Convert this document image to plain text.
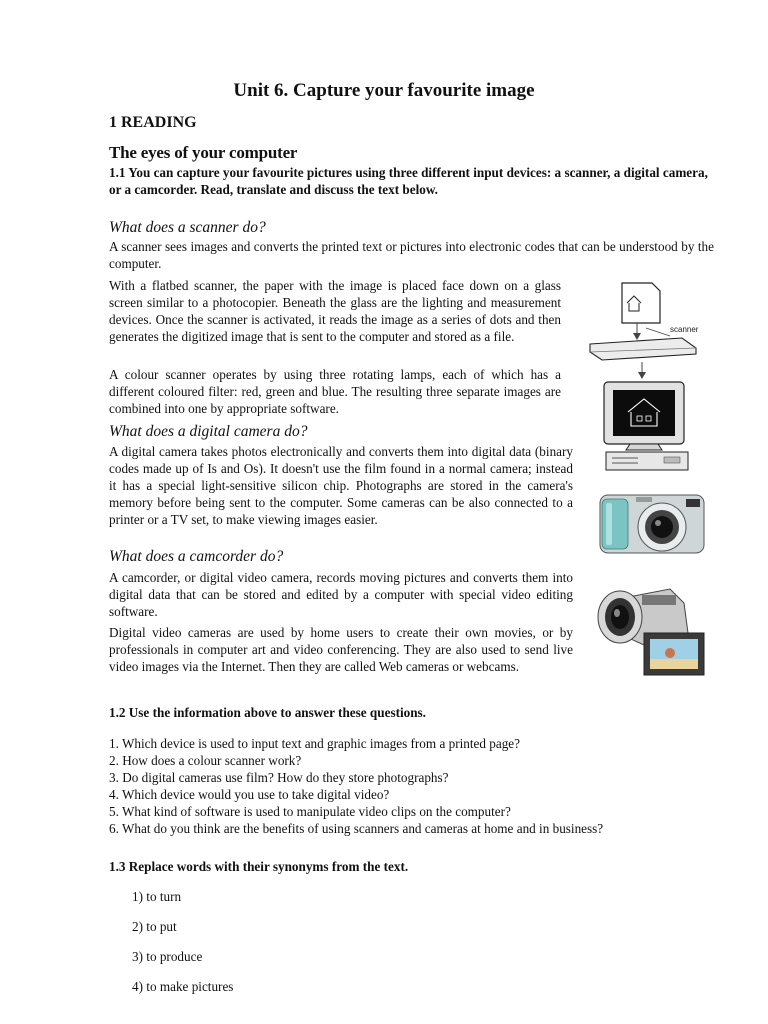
Unit 6. Capture your favourite image
1 READING
The eyes of your computer
1.1 You can capture your favourite pictures using three different input devices: a scanner, a digital camera, or a camcorder. Read, translate and discuss the text below.
What does a scanner do?
A scanner sees images and converts the printed text or pictures into electronic codes that can be understood by the computer.
With a flatbed scanner, the paper with the image is placed face down on a glass screen similar to a photocopier. Beneath the glass are the lighting and measurement devices. Once the scanner is activated, it reads the image as a series of dots and then generates the digitized image that is sent to the computer and stored as a file.
A colour scanner operates by using three rotating lamps, each of which has a different coloured filter: red, green and blue. The resulting three separate images are combined into one by appropriate software.
What does a digital camera do?
A digital camera takes photos electronically and converts them into digital data (binary codes made up of Is and Os). It doesn't use the film found in a normal camera; instead it has a special light-sensitive silicon chip. Photographs are stored in the camera's memory before being sent to the computer. Some cameras can be also connected to a printer or a TV set, to make viewing images easier.
What does a camcorder do?
A camcorder, or digital video camera, records moving pictures and converts them into digital data that can be stored and edited by a computer with special video editing software.
Digital video cameras are used by home users to create their own movies, or by professionals in computer art and video conferencing. They are also used to send live video images via the Internet. Then they are called Web cameras or webcams.
1.2 Use the information above to answer these questions.
1. Which device is used to input text and graphic images from a printed page?
2. How does a colour scanner work?
3. Do digital cameras use film? How do they store photographs?
4. Which device would you use to take digital video?
5. What kind of software is used to manipulate video clips on the computer?
6. What do you think are the benefits of using scanners and cameras at home and in business?
1.3 Replace words with their synonyms from the text.
1) to turn
2) to put
3) to produce
4) to make pictures
scanner
